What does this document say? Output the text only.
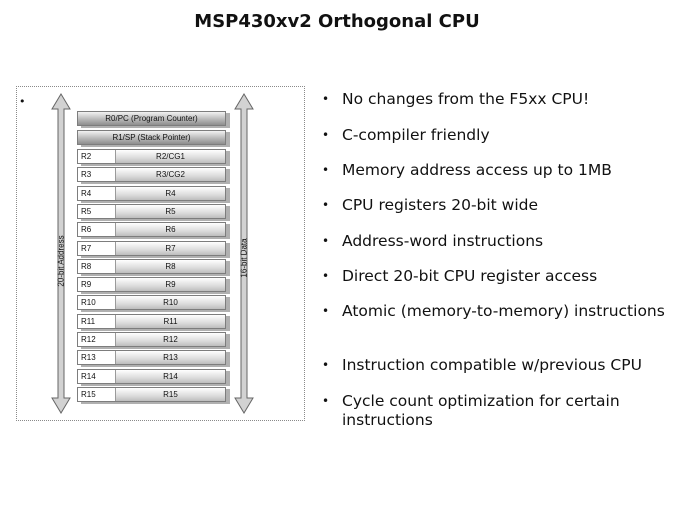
MSP430xv2 Orthogonal CPU
•
20-bit Address	16-bit Data
R0/PC (Program Counter)
R1/SP (Stack Pointer)
R2	R2/CG1
R3	R3/CG2
R4	R4
R5	R5
R6	R6
R7	R7
R8	R8
R9	R9
R10	R10
R11	R11
R12	R12
R13	R13
R14	R14
R15	R15
• No changes from the F5xx CPU!
• C-compiler friendly
• Memory address access up to 1MB
• CPU registers 20-bit wide
• Address-word instructions
• Direct 20-bit CPU register access
• Atomic (memory-to-memory) instructions
• Instruction compatible w/previous CPU
• Cycle count optimization for certain instructions
